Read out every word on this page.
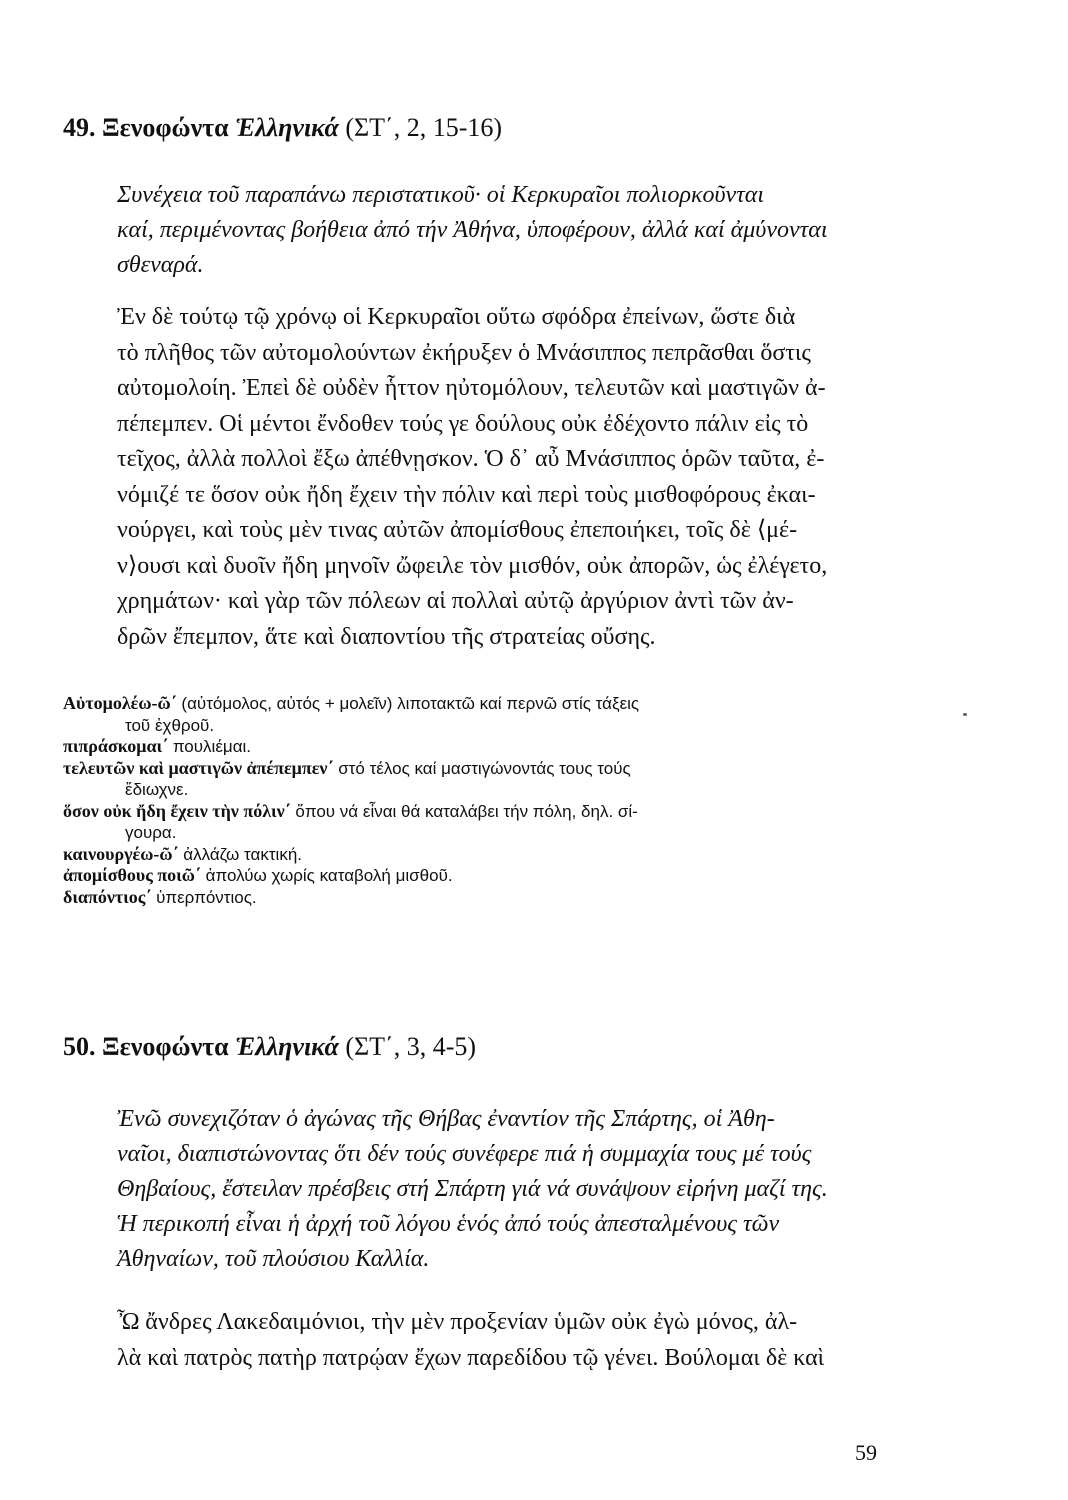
49. Ξενοφώντα Ἑλληνικά (ΣΤ΄, 2, 15-16)
Συνέχεια τοῦ παραπάνω περιστατικοῦ· οἱ Κερκυραῖοι πολιορκοῦνται
καί, περιμένοντας βοήθεια ἀπό τήν Ἀθήνα, ὑποφέρουν, ἀλλά καί ἀμύνονται
σθεναρά.
Ἐν δὲ τούτῳ τῷ χρόνῳ οἱ Κερκυραῖοι οὕτω σφόδρα ἐπείνων, ὥστε διὰ
τὸ πλῆθος τῶν αὐτομολούντων ἐκήρυξεν ὁ Μνάσιππος πεπρᾶσθαι ὅστις
αὐτομολοίη. Ἐπεὶ δὲ οὐδὲν ἧττον ηὐτομόλουν, τελευτῶν καὶ μαστιγῶν ἀ-
πέπεμπεν. Οἱ μέντοι ἔνδοθεν τούς γε δούλους οὐκ ἐδέχοντο πάλιν εἰς τὸ
τεῖχος, ἀλλὰ πολλοὶ ἔξω ἀπέθνῃσκον. Ὁ δ᾽ αὖ Μνάσιππος ὁρῶν ταῦτα, ἐ-
νόμιζέ τε ὅσον οὐκ ἤδη ἔχειν τὴν πόλιν καὶ περὶ τοὺς μισθοφόρους ἐκαι-
νούργει, καὶ τοὺς μὲν τινας αὐτῶν ἀπομίσθους ἐπεποιήκει, τοῖς δὲ ⟨μέ-
ν⟩ουσι καὶ δυοῖν ἤδη μηνοῖν ὤφειλε τὸν μισθόν, οὐκ ἀπορῶν, ὡς ἐλέγετο,
χρημάτων· καὶ γὰρ τῶν πόλεων αἱ πολλαὶ αὐτῷ ἀργύριον ἀντὶ τῶν ἀν-
δρῶν ἔπεμπον, ἅτε καὶ διαποντίου τῆς στρατείας οὔσης.
Αὐτομολέω-ῶ΄ (αὐτόμολος, αὐτός + μολεῖν) λιποτακτῶ καί περνῶ στίς τάξεις
τοῦ ἐχθροῦ.
πιπράσκομαι΄ πουλιέμαι.
τελευτῶν καὶ μαστιγῶν ἀπέπεμπεν΄ στό τέλος καί μαστιγώνοντάς τους τούς
ἔδιωχνε.
ὅσον οὐκ ἤδη ἔχειν τὴν πόλιν΄ ὅπου νά εἶναι θά καταλάβει τήν πόλη, δηλ. σί-
γουρα.
καινουργέω-ῶ΄ ἀλλάζω τακτική.
ἀπομίσθους ποιῶ΄ ἀπολύω χωρίς καταβολή μισθοῦ.
διαπόντιος΄ ὑπερπόντιος.
50. Ξενοφώντα Ἑλληνικά (ΣΤ΄, 3, 4-5)
Ἐνῶ συνεχιζόταν ὁ ἀγώνας τῆς Θήβας ἐναντίον τῆς Σπάρτης, οἱ Ἀθη-
ναῖοι, διαπιστώνοντας ὅτι δέν τούς συνέφερε πιά ἡ συμμαχία τους μέ τούς
Θηβαίους, ἔστειλαν πρέσβεις στή Σπάρτη γιά νά συνάψουν εἰρήνη μαζί της.
Ἡ περικοπή εἶναι ἡ ἀρχή τοῦ λόγου ἑνός ἀπό τούς ἀπεσταλμένους τῶν
Ἀθηναίων, τοῦ πλούσιου Καλλία.
Ὦ ἄνδρες Λακεδαιμόνιοι, τὴν μὲν προξενίαν ὑμῶν οὐκ ἐγὼ μόνος, ἀλ-
λὰ καὶ πατρὸς πατὴρ πατρῴαν ἔχων παρεδίδου τῷ γένει. Βούλομαι δὲ καὶ
59
